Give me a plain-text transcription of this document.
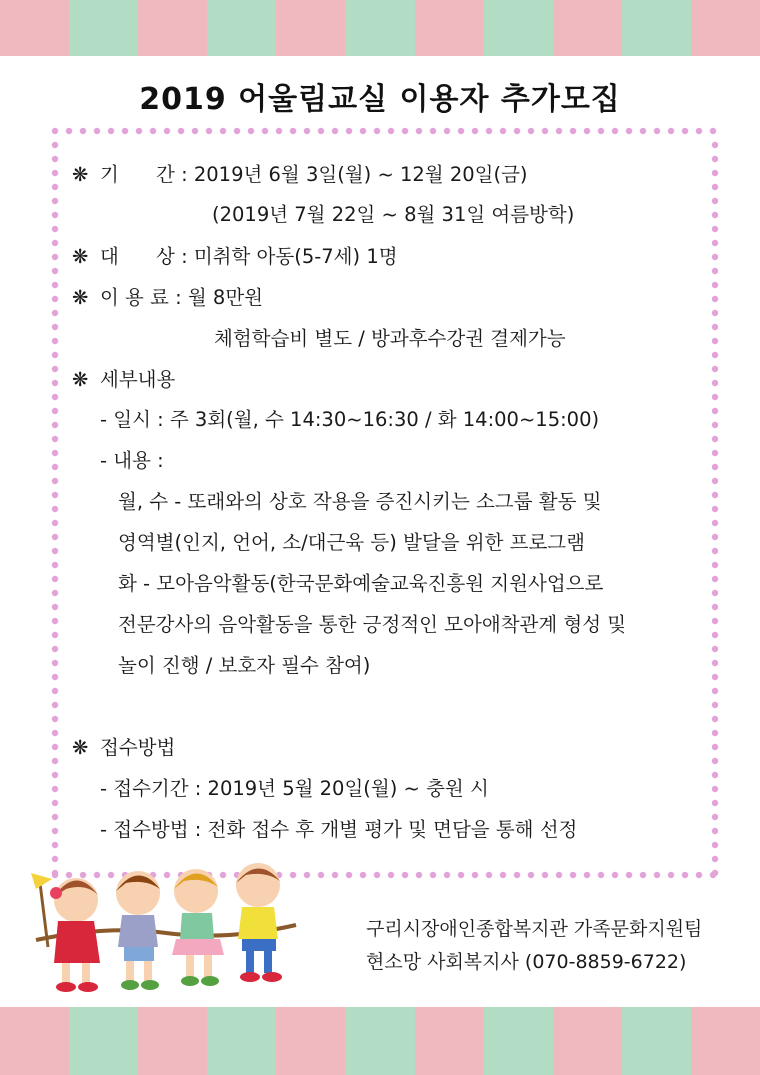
2019 어울림교실 이용자 추가모집
❋ 기      간 : 2019년 6월 3일(월) ~ 12월 20일(금)
(2019년 7월 22일 ~ 8월 31일 여름방학)
❋ 대      상 : 미취학 아동(5-7세) 1명
❋ 이 용 료 : 월 8만원
체험학습비 별도 / 방과후수강권 결제가능
❋ 세부내용
- 일시 : 주 3회(월, 수 14:30~16:30 / 화 14:00~15:00)
- 내용 :
월, 수 - 또래와의 상호 작용을 증진시키는 소그룹 활동 및
영역별(인지, 언어, 소/대근육 등) 발달을 위한 프로그램
화 - 모아음악활동(한국문화예술교육진흥원 지원사업으로
전문강사의 음악활동을 통한 긍정적인 모아애착관계 형성 및
놀이 진행 / 보호자 필수 참여)
❋ 접수방법
- 접수기간 : 2019년 5월 20일(월) ~ 충원 시
- 접수방법 : 전화 접수 후 개별 평가 및 면담을 통해 선정
구리시장애인종합복지관 가족문화지원팀
현소망 사회복지사 (070-8859-6722)
